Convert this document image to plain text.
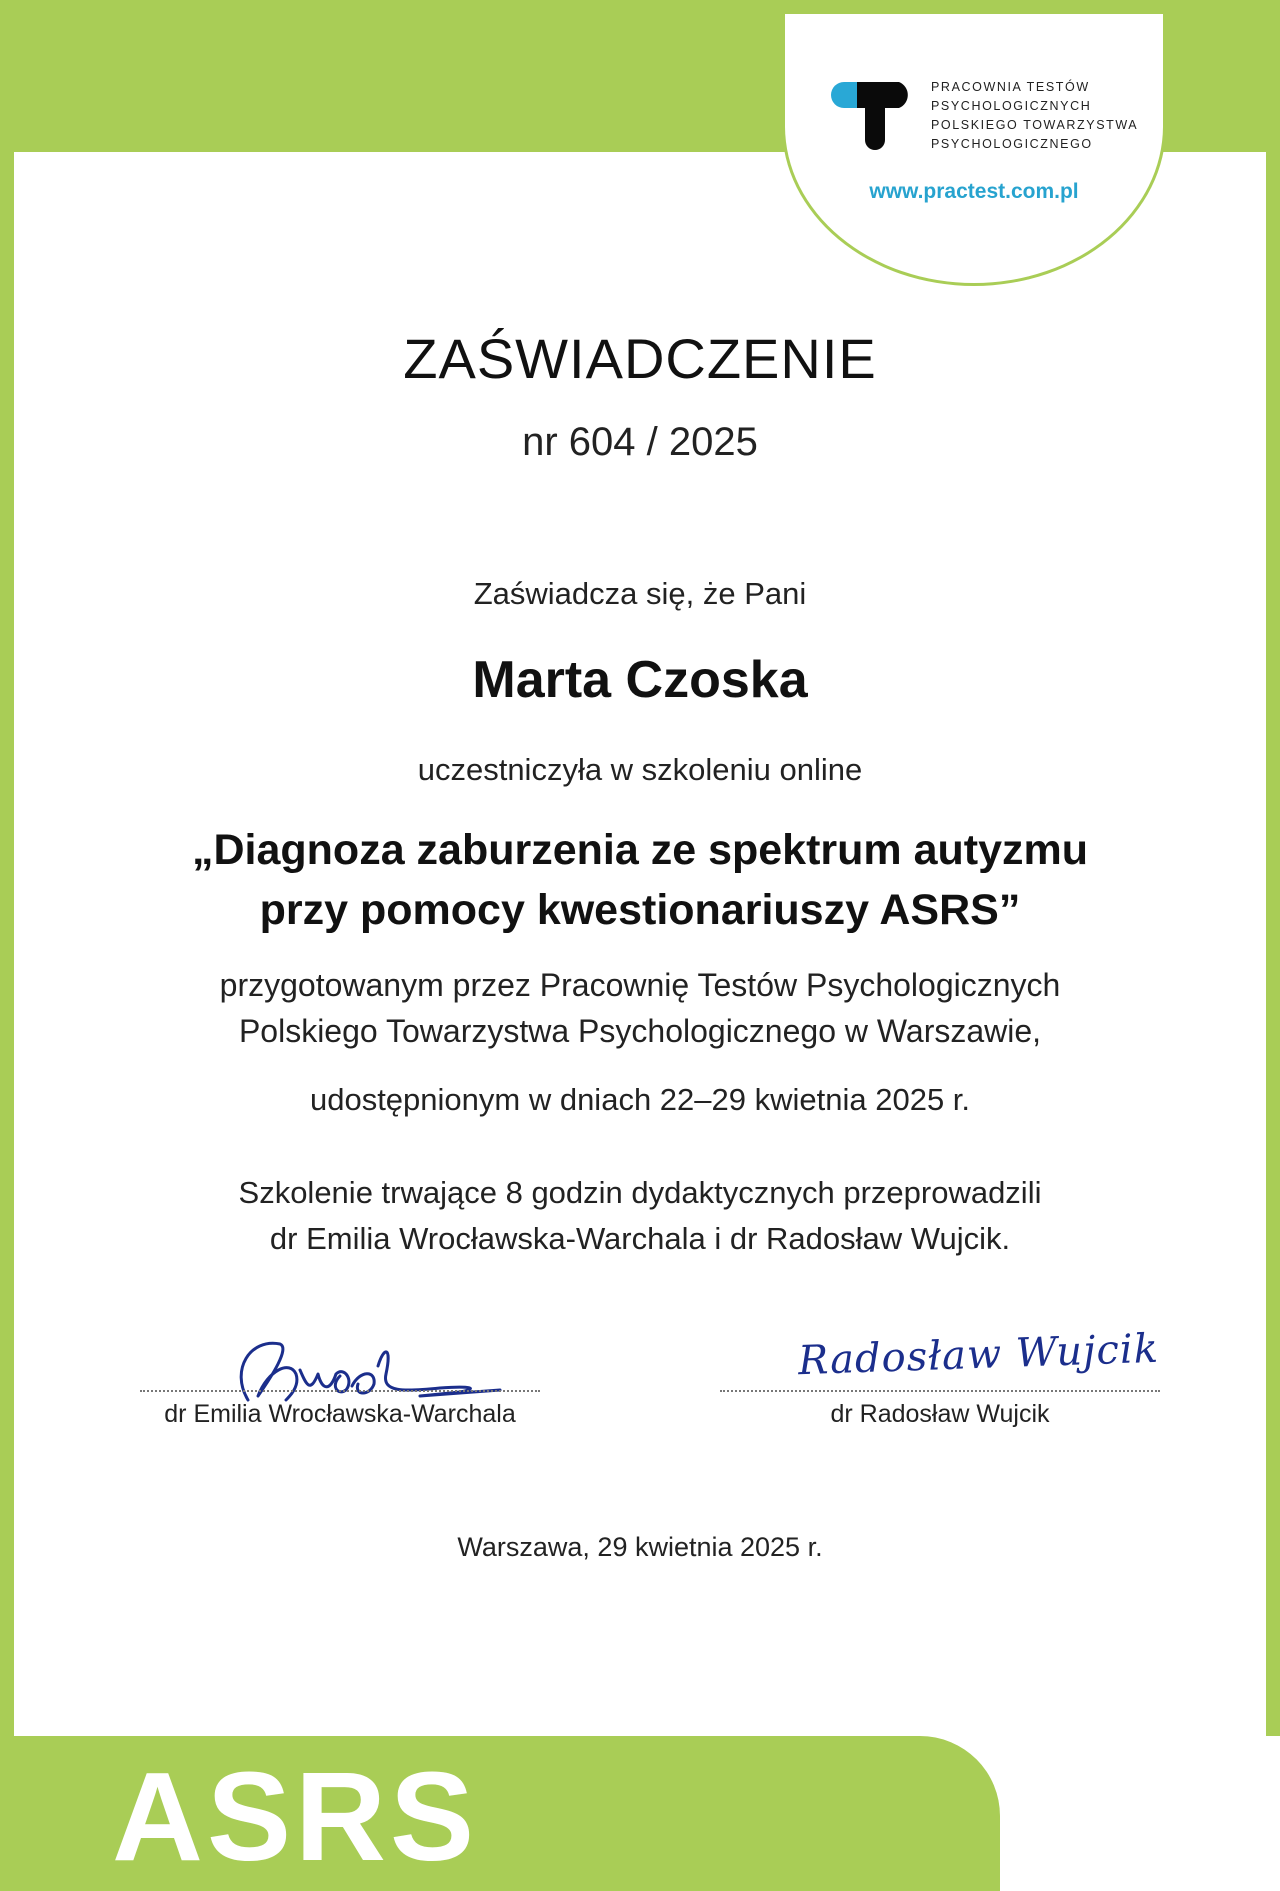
PRACOWNIA TESTÓW
PSYCHOLOGICZNYCH
POLSKIEGO TOWARZYSTWA
PSYCHOLOGICZNEGO
www.practest.com.pl
ZAŚWIADCZENIE
nr 604 / 2025
Zaświadcza się, że Pani
Marta Czoska
uczestniczyła w szkoleniu online
„Diagnoza zaburzenia ze spektrum autyzmu
przy pomocy kwestionariuszy ASRS”
przygotowanym przez Pracownię Testów Psychologicznych
Polskiego Towarzystwa Psychologicznego w Warszawie,
udostępnionym w dniach 22–29 kwietnia 2025 r.
Szkolenie trwające 8 godzin dydaktycznych przeprowadzili
dr Emilia Wrocławska-Warchala i dr Radosław Wujcik.
dr Emilia Wrocławska-Warchala
Radosław Wujcik
dr Radosław Wujcik
Warszawa, 29 kwietnia 2025 r.
ASRS
